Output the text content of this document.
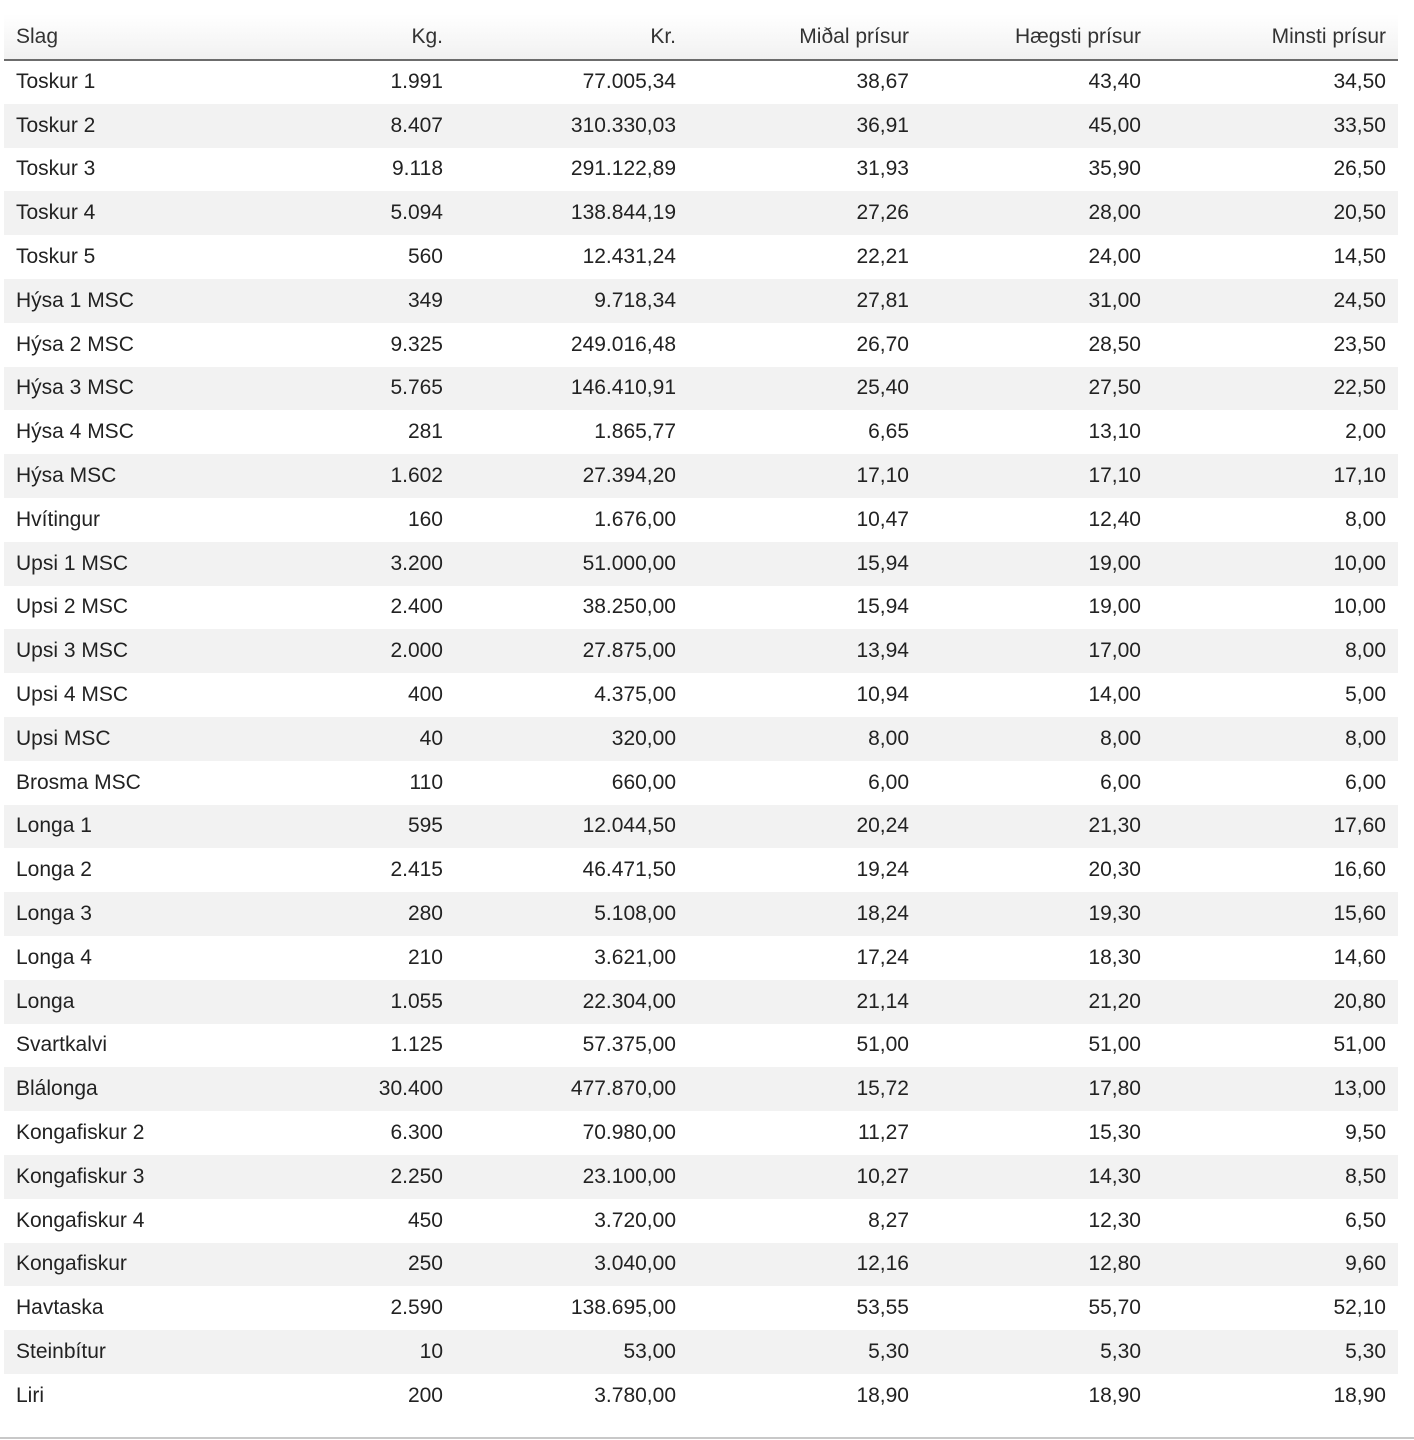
Slag	Kg.	Kr.	Miðal prísur	Hægsti prísur	Minsti prísur
Toskur 1	1.991	77.005,34	38,67	43,40	34,50
Toskur 2	8.407	310.330,03	36,91	45,00	33,50
Toskur 3	9.118	291.122,89	31,93	35,90	26,50
Toskur 4	5.094	138.844,19	27,26	28,00	20,50
Toskur 5	560	12.431,24	22,21	24,00	14,50
Hýsa 1 MSC	349	9.718,34	27,81	31,00	24,50
Hýsa 2 MSC	9.325	249.016,48	26,70	28,50	23,50
Hýsa 3 MSC	5.765	146.410,91	25,40	27,50	22,50
Hýsa 4 MSC	281	1.865,77	6,65	13,10	2,00
Hýsa MSC	1.602	27.394,20	17,10	17,10	17,10
Hvítingur	160	1.676,00	10,47	12,40	8,00
Upsi 1 MSC	3.200	51.000,00	15,94	19,00	10,00
Upsi 2 MSC	2.400	38.250,00	15,94	19,00	10,00
Upsi 3 MSC	2.000	27.875,00	13,94	17,00	8,00
Upsi 4 MSC	400	4.375,00	10,94	14,00	5,00
Upsi MSC	40	320,00	8,00	8,00	8,00
Brosma MSC	110	660,00	6,00	6,00	6,00
Longa 1	595	12.044,50	20,24	21,30	17,60
Longa 2	2.415	46.471,50	19,24	20,30	16,60
Longa 3	280	5.108,00	18,24	19,30	15,60
Longa 4	210	3.621,00	17,24	18,30	14,60
Longa	1.055	22.304,00	21,14	21,20	20,80
Svartkalvi	1.125	57.375,00	51,00	51,00	51,00
Blálonga	30.400	477.870,00	15,72	17,80	13,00
Kongafiskur 2	6.300	70.980,00	11,27	15,30	9,50
Kongafiskur 3	2.250	23.100,00	10,27	14,30	8,50
Kongafiskur 4	450	3.720,00	8,27	12,30	6,50
Kongafiskur	250	3.040,00	12,16	12,80	9,60
Havtaska	2.590	138.695,00	53,55	55,70	52,10
Steinbítur	10	53,00	5,30	5,30	5,30
Liri	200	3.780,00	18,90	18,90	18,90
